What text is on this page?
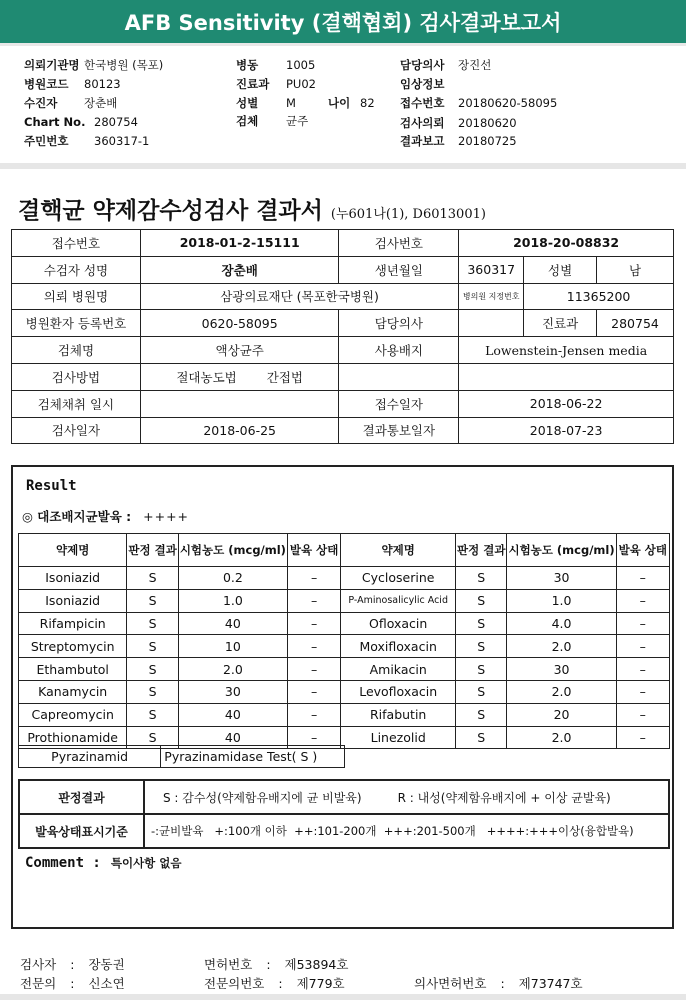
AFB Sensitivity (결핵협회) 검사결과보고서
의뢰기관명 한국병원 (목포)
병원코드 80123
수진자 장춘배
Chart No. 280754
주민번호 360317-1
병동 1005
진료과 PU02
성별 M	나이 82
검체 균주
담당의사 장진선
임상정보
접수번호 20180620-58095
검사의뢰 20180620
결과보고 20180725
결핵균 약제감수성검사 결과서 (누601나(1), D6013001)
접수번호	2018-01-2-15111	검사번호	2018-20-08832		
수검자 성명	장춘배	생년월일	360317	성별	남
의뢰 병원명	삼광의료재단 (목포한국병원)		병의원 지정번호	11365200	
병원환자 등록번호	0620-58095	담당의사		진료과	280754
검체명	액상균주	사용배지	Lowenstein-Jensen media		
검사방법	절대농도법 간접법				
검체채취 일시		접수일자	2018-06-22		
검사일자	2018-06-25	결과통보일자	2018-07-23		
Result
◎ 대조배지균발육 : ++++
약제명	판정 결과	시험농도 (mcg/ml)	발육 상태	약제명	판정 결과	시험농도 (mcg/ml)	발육 상태
Isoniazid	S	0.2	–	Cycloserine	S	30	–
Isoniazid	S	1.0	–	P-Aminosalicylic Acid	S	1.0	–
Rifampicin	S	40	–	Ofloxacin	S	4.0	–
Streptomycin	S	10	–	Moxifloxacin	S	2.0	–
Ethambutol	S	2.0	–	Amikacin	S	30	–
Kanamycin	S	30	–	Levofloxacin	S	2.0	–
Capreomycin	S	40	–	Rifabutin	S	20	–
Prothionamide	S	40	–	Linezolid	S	2.0	–
Pyrazinamid	Pyrazinamidase Test( S )
판정결과	S : 감수성(약제함유배지에 균 비발육) R : 내성(약제함유배지에 + 이상 균발육)
발육상태표시기준	-:균비발육   +:100개 이하  ++:101-200개  +++:201-500개   ++++:+++이상(융합발육)
Comment : 특이사항 없음
검사자 : 장동권	면허번호 : 제53894호
전문의 : 신소연	전문의번호 : 제779호	의사면허번호 : 제73747호
